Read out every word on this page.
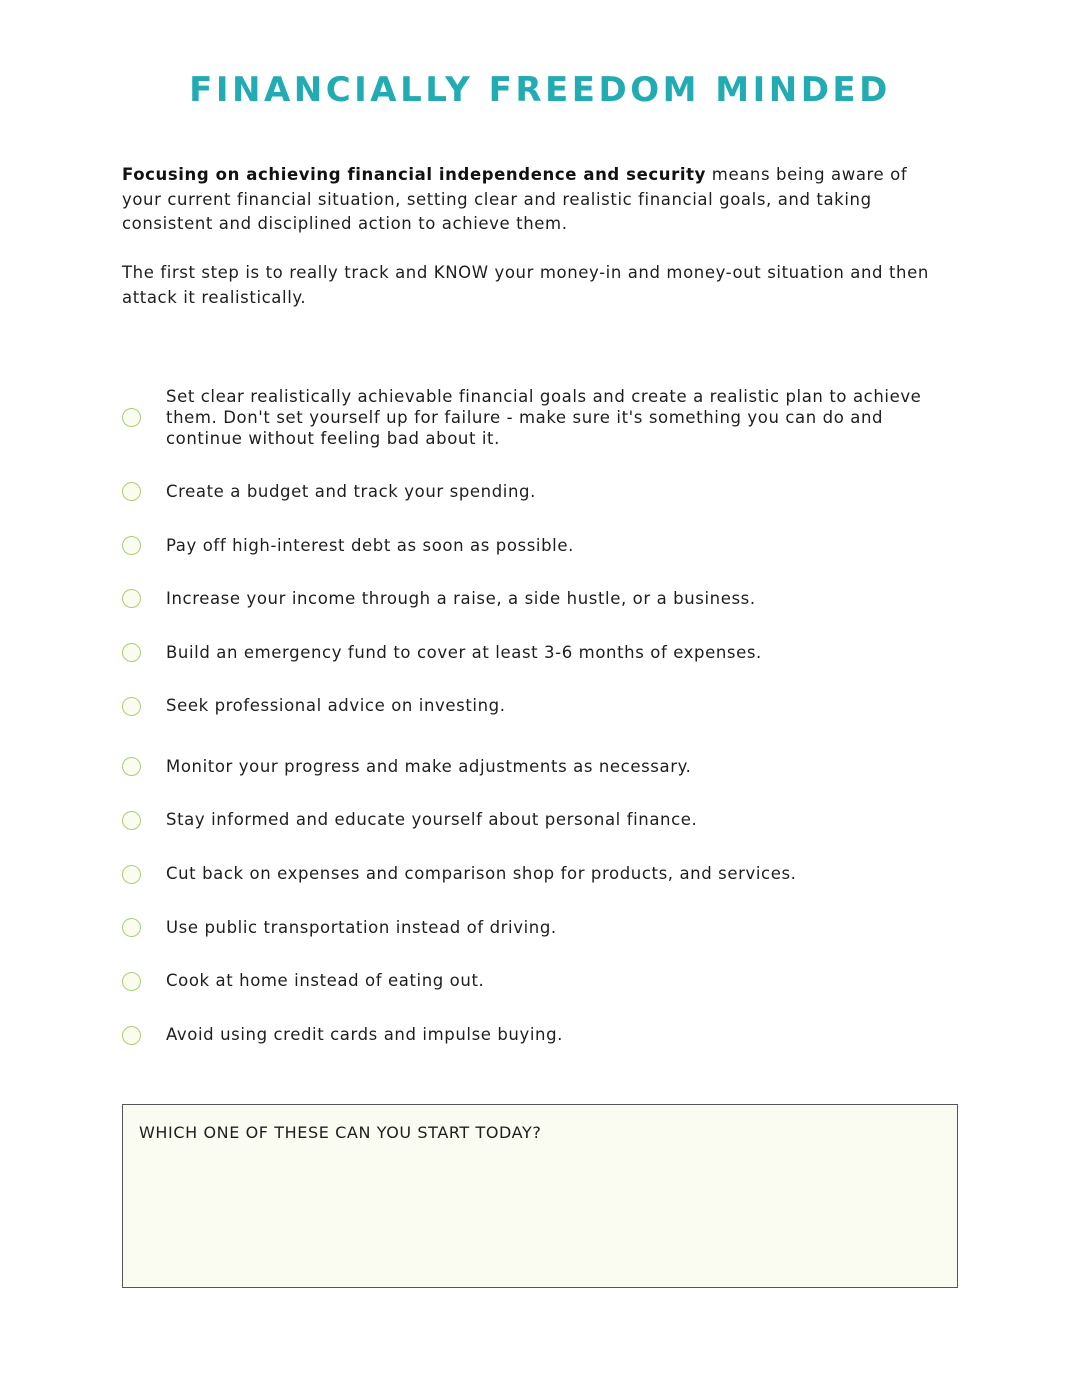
FINANCIALLY FREEDOM MINDED

Focusing on achieving financial independence and security means being aware of your current financial situation, setting clear and realistic financial goals, and taking consistent and disciplined action to achieve them.

The first step is to really track and KNOW your money-in and money-out situation and then attack it realistically.

Set clear realistically achievable financial goals and create a realistic plan to achieve them. Don't set yourself up for failure - make sure it's something you can do and continue without feeling bad about it.
Create a budget and track your spending.
Pay off high-interest debt as soon as possible.
Increase your income through a raise, a side hustle, or a business.
Build an emergency fund to cover at least 3-6 months of expenses.
Seek professional advice on investing.
Monitor your progress and make adjustments as necessary.
Stay informed and educate yourself about personal finance.
Cut back on expenses and comparison shop for products, and services.
Use public transportation instead of driving.
Cook at home instead of eating out.
Avoid using credit cards and impulse buying.
WHICH ONE OF THESE CAN YOU START TODAY?
